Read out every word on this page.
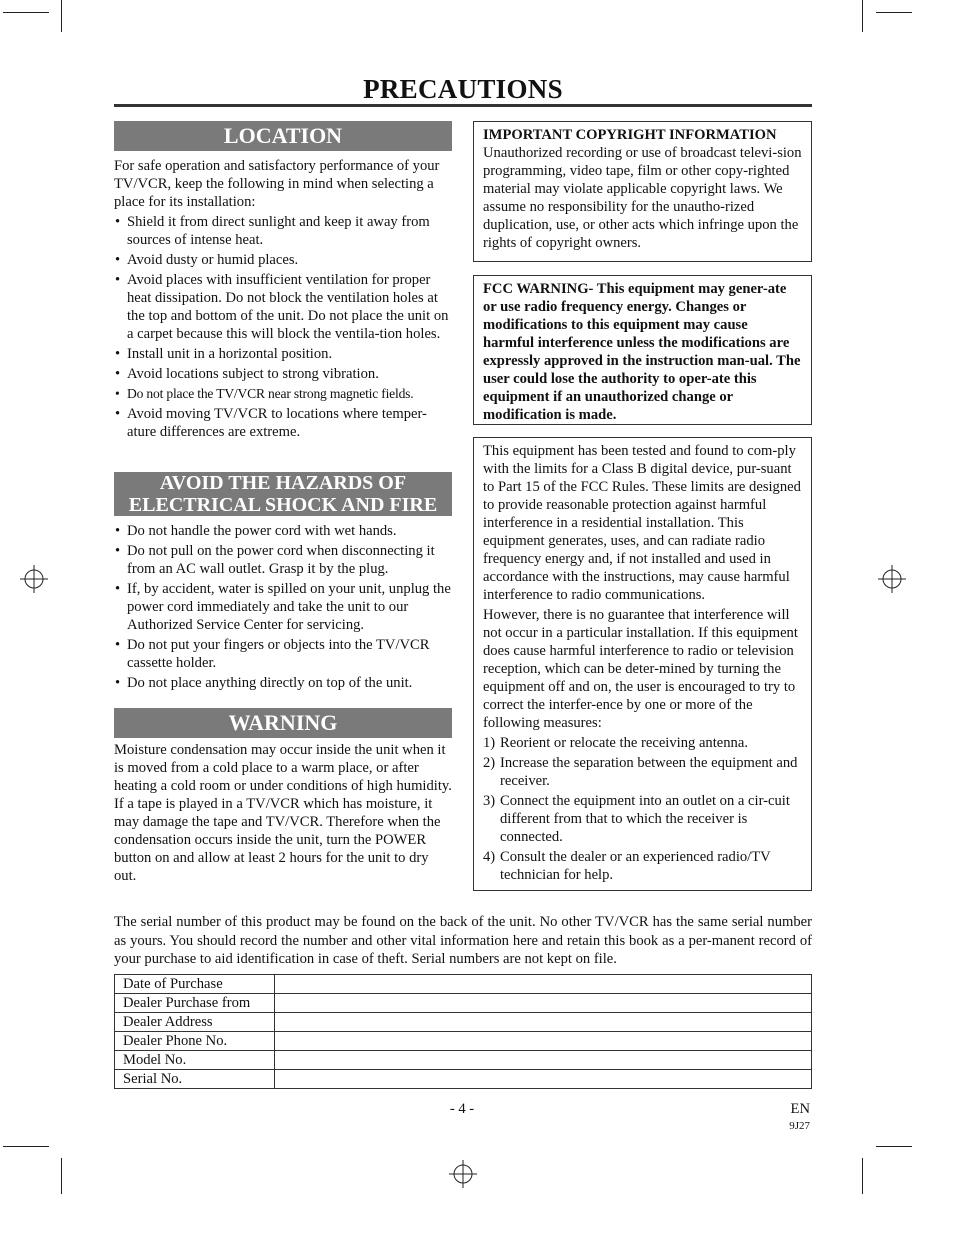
PRECAUTIONS
LOCATION
For safe operation and satisfactory performance of your TV/VCR, keep the following in mind when selecting a place for its installation:
• Shield it from direct sunlight and keep it away from sources of intense heat.
• Avoid dusty or humid places.
• Avoid places with insufficient ventilation for proper heat dissipation. Do not block the ventilation holes at the top and bottom of the unit. Do not place the unit on a carpet because this will block the ventila-tion holes.
• Install unit in a horizontal position.
• Avoid locations subject to strong vibration.
• Do not place the TV/VCR near strong magnetic fields.
• Avoid moving TV/VCR to locations where temper-ature differences are extreme.
AVOID THE HAZARDS OF
ELECTRICAL SHOCK AND FIRE
• Do not handle the power cord with wet hands.
• Do not pull on the power cord when disconnecting it from an AC wall outlet. Grasp it by the plug.
• If, by accident, water is spilled on your unit, unplug the power cord immediately and take the unit to our Authorized Service Center for servicing.
• Do not put your fingers or objects into the TV/VCR cassette holder.
• Do not place anything directly on top of the unit.
WARNING
Moisture condensation may occur inside the unit when it is moved from a cold place to a warm place, or after heating a cold room or under conditions of high humidity. If a tape is played in a TV/VCR which has moisture, it may damage the tape and TV/VCR. Therefore when the condensation occurs inside the unit, turn the POWER button on and allow at least 2 hours for the unit to dry out.
IMPORTANT COPYRIGHT INFORMATION
Unauthorized recording or use of broadcast televi-sion programming, video tape, film or other copy-righted material may violate applicable copyright laws. We assume no responsibility for the unautho-rized duplication, use, or other acts which infringe upon the rights of copyright owners.
FCC WARNING- This equipment may gener-ate or use radio frequency energy. Changes or modifications to this equipment may cause harmful interference unless the modifications are expressly approved in the instruction man-ual. The user could lose the authority to oper-ate this equipment if an unauthorized change or modification is made.
This equipment has been tested and found to com-ply with the limits for a Class B digital device, pur-suant to Part 15 of the FCC Rules. These limits are designed to provide reasonable protection against harmful interference in a residential installation. This equipment generates, uses, and can radiate radio frequency energy and, if not installed and used in accordance with the instructions, may cause harmful interference to radio communications.
However, there is no guarantee that interference will not occur in a particular installation. If this equipment does cause harmful interference to radio or television reception, which can be deter-mined by turning the equipment off and on, the user is encouraged to try to correct the interfer-ence by one or more of the following measures:
1) Reorient or relocate the receiving antenna.
2) Increase the separation between the equipment and receiver.
3) Connect the equipment into an outlet on a cir-cuit different from that to which the receiver is connected.
4) Consult the dealer or an experienced radio/TV technician for help.
The serial number of this product may be found on the back of the unit. No other TV/VCR has the same serial number as yours. You should record the number and other vital information here and retain this book as a per-manent record of your purchase to aid identification in case of theft. Serial numbers are not kept on file.
Date of Purchase	
Dealer Purchase from	
Dealer Address	
Dealer Phone No.	
Model No.	
Serial No.	
- 4 -	EN
9J27
